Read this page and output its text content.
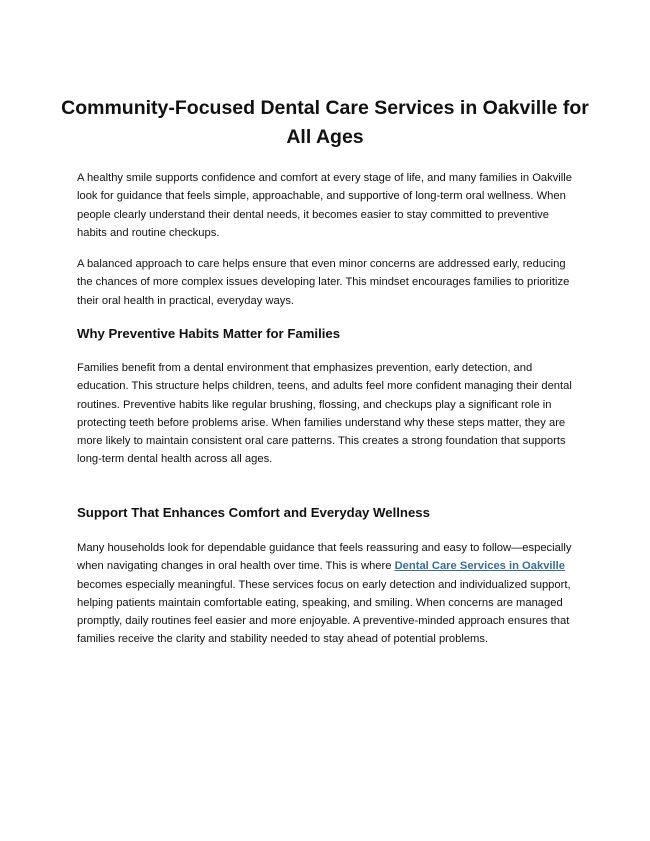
Community-Focused Dental Care Services in Oakville for All Ages

A healthy smile supports confidence and comfort at every stage of life, and many families in Oakville look for guidance that feels simple, approachable, and supportive of long-term oral wellness. When people clearly understand their dental needs, it becomes easier to stay committed to preventive habits and routine checkups.

A balanced approach to care helps ensure that even minor concerns are addressed early, reducing the chances of more complex issues developing later. This mindset encourages families to prioritize their oral health in practical, everyday ways.

Why Preventive Habits Matter for Families

Families benefit from a dental environment that emphasizes prevention, early detection, and education. This structure helps children, teens, and adults feel more confident managing their dental routines. Preventive habits like regular brushing, flossing, and checkups play a significant role in protecting teeth before problems arise. When families understand why these steps matter, they are more likely to maintain consistent oral care patterns. This creates a strong foundation that supports long-term dental health across all ages.

Support That Enhances Comfort and Everyday Wellness

Many households look for dependable guidance that feels reassuring and easy to follow—especially when navigating changes in oral health over time. This is where Dental Care Services in Oakville becomes especially meaningful. These services focus on early detection and individualized support, helping patients maintain comfortable eating, speaking, and smiling. When concerns are managed promptly, daily routines feel easier and more enjoyable. A preventive-minded approach ensures that families receive the clarity and stability needed to stay ahead of potential problems.
